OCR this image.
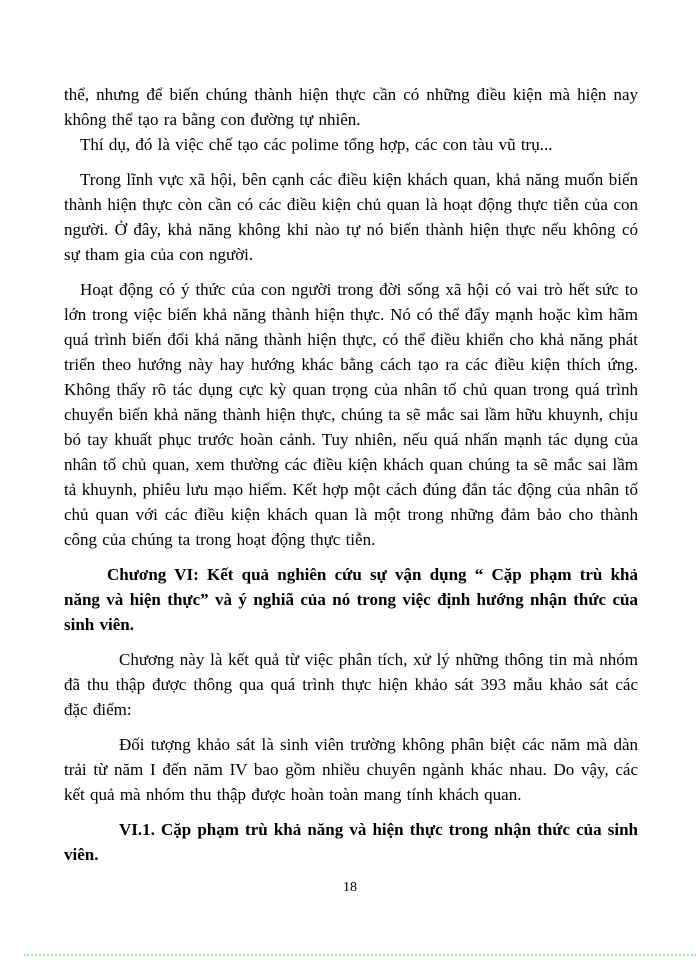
thể, nhưng để biến chúng thành hiện thực cần có những điều kiện mà hiện nay không thể tạo ra bằng con đường tự nhiên.

Thí dụ, đó là việc chế tạo các polime tổng hợp, các con tàu vũ trụ...

Trong lĩnh vực xã hội, bên cạnh các điều kiện khách quan, khả năng muốn biến thành hiện thực còn cần có các điều kiện chủ quan là hoạt động thực tiễn của con người. Ở đây, khả năng không khi nào tự nó biến thành hiện thực nếu không có sự tham gia của con người.

Hoạt động có ý thức của con người trong đời sống xã hội có vai trò hết sức to lớn trong việc biến khả năng thành hiện thực. Nó có thể đẩy mạnh hoặc kìm hãm quá trình biến đổi khả năng thành hiện thực, có thể điều khiển cho khả năng phát triển theo hướng này hay hướng khác bằng cách tạo ra các điều kiện thích ứng. Không thấy rõ tác dụng cực kỳ quan trọng của nhân tố chủ quan trong quá trình chuyển biến khả năng thành hiện thực, chúng ta sẽ mắc sai lầm hữu khuynh, chịu bó tay khuất phục trước hoàn cảnh. Tuy nhiên, nếu quá nhấn mạnh tác dụng của nhân tố chủ quan, xem thường các điều kiện khách quan chúng ta sẽ mắc sai lầm tả khuynh, phiêu lưu mạo hiểm. Kết hợp một cách đúng đắn tác động của nhân tố chủ quan với các điều kiện khách quan là một trong những đảm bảo cho thành công của chúng ta trong hoạt động thực tiễn.

Chương VI: Kết quả nghiên cứu sự vận dụng “ Cặp phạm trù khả năng và hiện thực” và ý nghiã của nó trong việc định hướng nhận thức của sinh viên.

Chương này là kết quả từ việc phân tích, xử lý những thông tin mà nhóm đã thu thập được thông qua quá trình thực hiện khảo sát 393 mẫu khảo sát các đặc điểm:

Đối tượng khảo sát là sinh viên trường không phân biệt các năm mà dàn trải từ năm I đến năm IV bao gồm nhiều chuyên ngành khác nhau. Do vậy, các kết quả mà nhóm thu thập được hoàn toàn mang tính khách quan.

VI.1. Cặp phạm trù khả năng và hiện thực trong nhận thức của sinh viên.

18
